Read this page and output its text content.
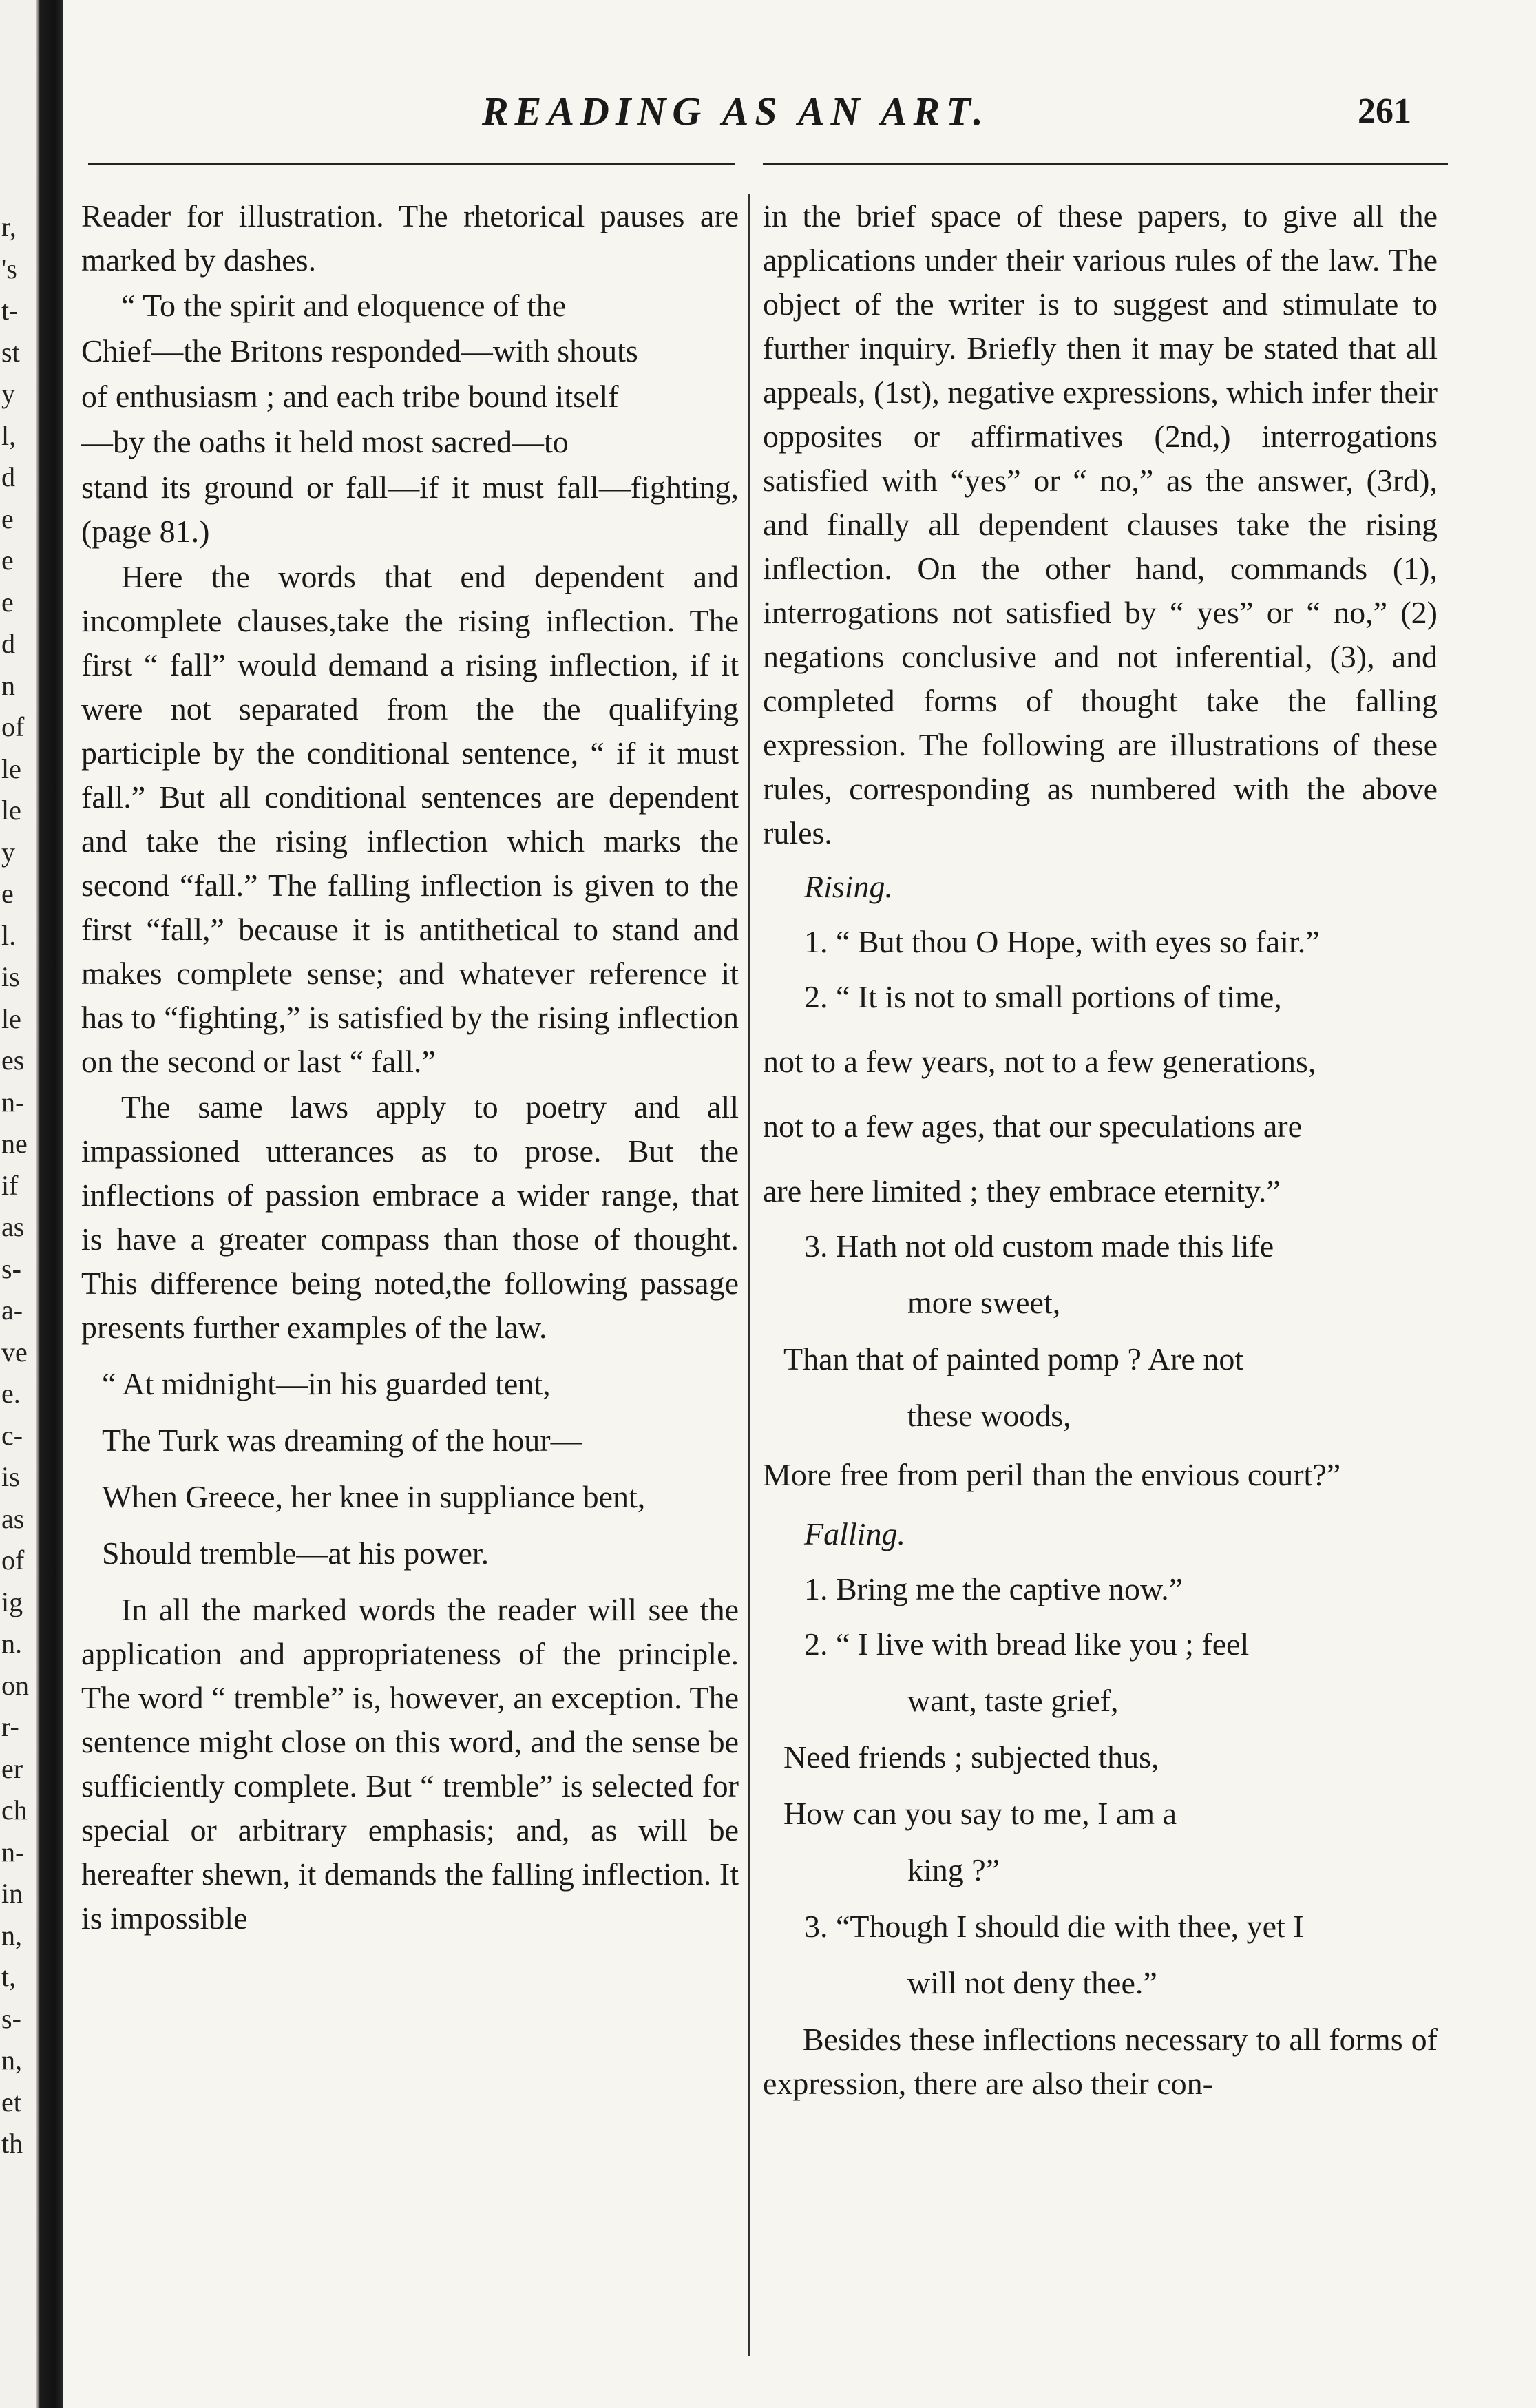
r,
's
t-
st
y
l,
d
e
e
e
d
n
of
le
le
y
e
l.
is
le
es
n-
ne
if
as
s-
a-
ve
e.
c-
is
as
of
ig
n.
on
r-
er
ch
n-
in
n,
t,
s-
n,
et
th
READING AS AN ART.	261

Reader for illustration. The rhetorical pauses are marked by dashes.

“ To the spirit and eloquence of the

Chief—the Britons responded—with shouts

of enthusiasm ; and each tribe bound itself

—by the oaths it held most sacred—to

stand its ground or fall—if it must fall—fighting, (page 81.)

Here the words that end dependent and incomplete clauses,take the rising inflection. The first “ fall” would demand a rising inflection, if it were not separated from the the qualifying participle by the conditional sentence, “ if it must fall.” But all conditional sentences are dependent and take the rising inflection which marks the second “fall.” The falling inflection is given to the first “fall,” because it is antithetical to stand and makes complete sense; and whatever reference it has to “fighting,” is satisfied by the rising inflection on the second or last “ fall.”

The same laws apply to poetry and all impassioned utterances as to prose. But the inflections of passion embrace a wider range, that is have a greater compass than those of thought. This difference being noted,the following passage presents further examples of the law.

“ At midnight—in his guarded tent,

The Turk was dreaming of the hour—

When Greece, her knee in suppliance bent,

Should tremble—at his power.

In all the marked words the reader will see the application and appropriateness of the principle. The word “ tremble” is, however, an exception. The sentence might close on this word, and the sense be sufficiently complete. But “ tremble” is selected for special or arbitrary emphasis; and, as will be hereafter shewn, it demands the falling inflection. It is impossible

in the brief space of these papers, to give all the applications under their various rules of the law. The object of the writer is to suggest and stimulate to further inquiry. Briefly then it may be stated that all appeals, (1st), negative expressions, which infer their opposites or affirmatives (2nd,) interrogations satisfied with “yes” or “ no,” as the answer, (3rd), and finally all dependent clauses take the rising inflection. On the other hand, commands (1), interrogations not satisfied by “ yes” or “ no,” (2) negations conclusive and not inferential, (3), and completed forms of thought take the falling expression. The following are illustrations of these rules, corresponding as numbered with the above rules.

Rising.

1. “ But thou O Hope, with eyes so fair.”

2. “ It is not to small portions of time,

not to a few years, not to a few generations,

not to a few ages, that our speculations are

are here limited ; they embrace eternity.”

3. Hath not old custom made this life

more sweet,

Than that of painted pomp ? Are not

these woods,

More free from peril than the envious court?”

Falling.

1. Bring me the captive now.”

2. “ I live with bread like you ; feel

want, taste grief,

Need friends ; subjected thus,

How can you say to me, I am a

king ?”

3. “Though I should die with thee, yet I

will not deny thee.”

Besides these inflections necessary to all forms of expression, there are also their con-
